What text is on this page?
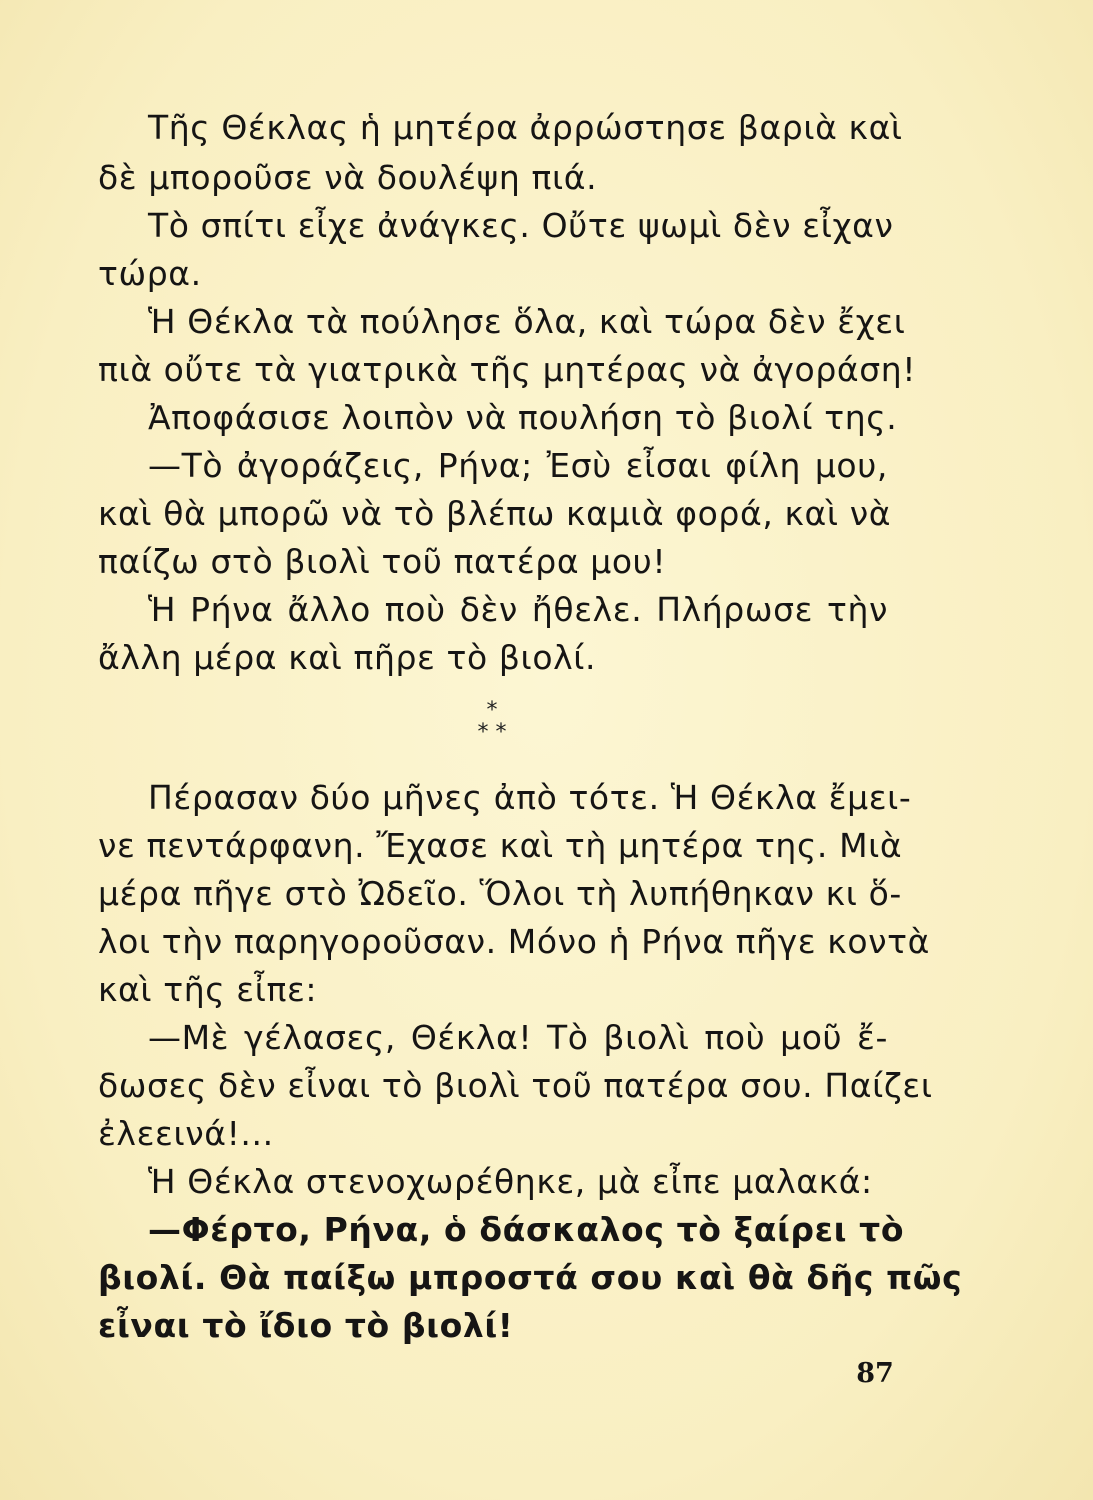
Τῆς Θέκλας ἡ μητέρα ἀρρώστησε βαριὰ καὶ
δὲ μποροῦσε νὰ δουλέψη πιά.
Τὸ σπίτι εἶχε ἀνάγκες. Οὔτε ψωμὶ δὲν εἶχαν
τώρα.
Ἡ Θέκλα τὰ πούλησε ὅλα, καὶ τώρα δὲν ἔχει
πιὰ οὔτε τὰ γιατρικὰ τῆς μητέρας νὰ ἀγοράση!
Ἀποφάσισε λοιπὸν νὰ πουλήση τὸ βιολί της.
—Τὸ ἀγοράζεις, Ρήνα; Ἐσὺ εἶσαι φίλη μου,
καὶ θὰ μπορῶ νὰ τὸ βλέπω καμιὰ φορά, καὶ νὰ
παίζω στὸ βιολὶ τοῦ πατέρα μου!
Ἡ Ρήνα ἄλλο ποὺ δὲν ἤθελε. Πλήρωσε τὴν
ἄλλη μέρα καὶ πῆρε τὸ βιολί.
*
* *
Πέρασαν δύο μῆνες ἀπὸ τότε. Ἡ Θέκλα ἔμει-
νε πεντάρφανη. Ἔχασε καὶ τὴ μητέρα της. Μιὰ
μέρα πῆγε στὸ Ὠδεῖο. Ὅλοι τὴ λυπήθηκαν κι ὅ-
λοι τὴν παρηγοροῦσαν. Μόνο ἡ Ρήνα πῆγε κοντὰ
καὶ τῆς εἶπε:
—Μὲ γέλασες, Θέκλα! Τὸ βιολὶ ποὺ μοῦ ἔ-
δωσες δὲν εἶναι τὸ βιολὶ τοῦ πατέρα σου. Παίζει
ἐλεεινά!...
Ἡ Θέκλα στενοχωρέθηκε, μὰ εἶπε μαλακά:
—Φέρτο, Ρήνα, ὁ δάσκαλος τὸ ξαίρει τὸ
βιολί. Θὰ παίξω μπροστά σου καὶ θὰ δῆς πῶς
εἶναι τὸ ἴδιο τὸ βιολί!
87
